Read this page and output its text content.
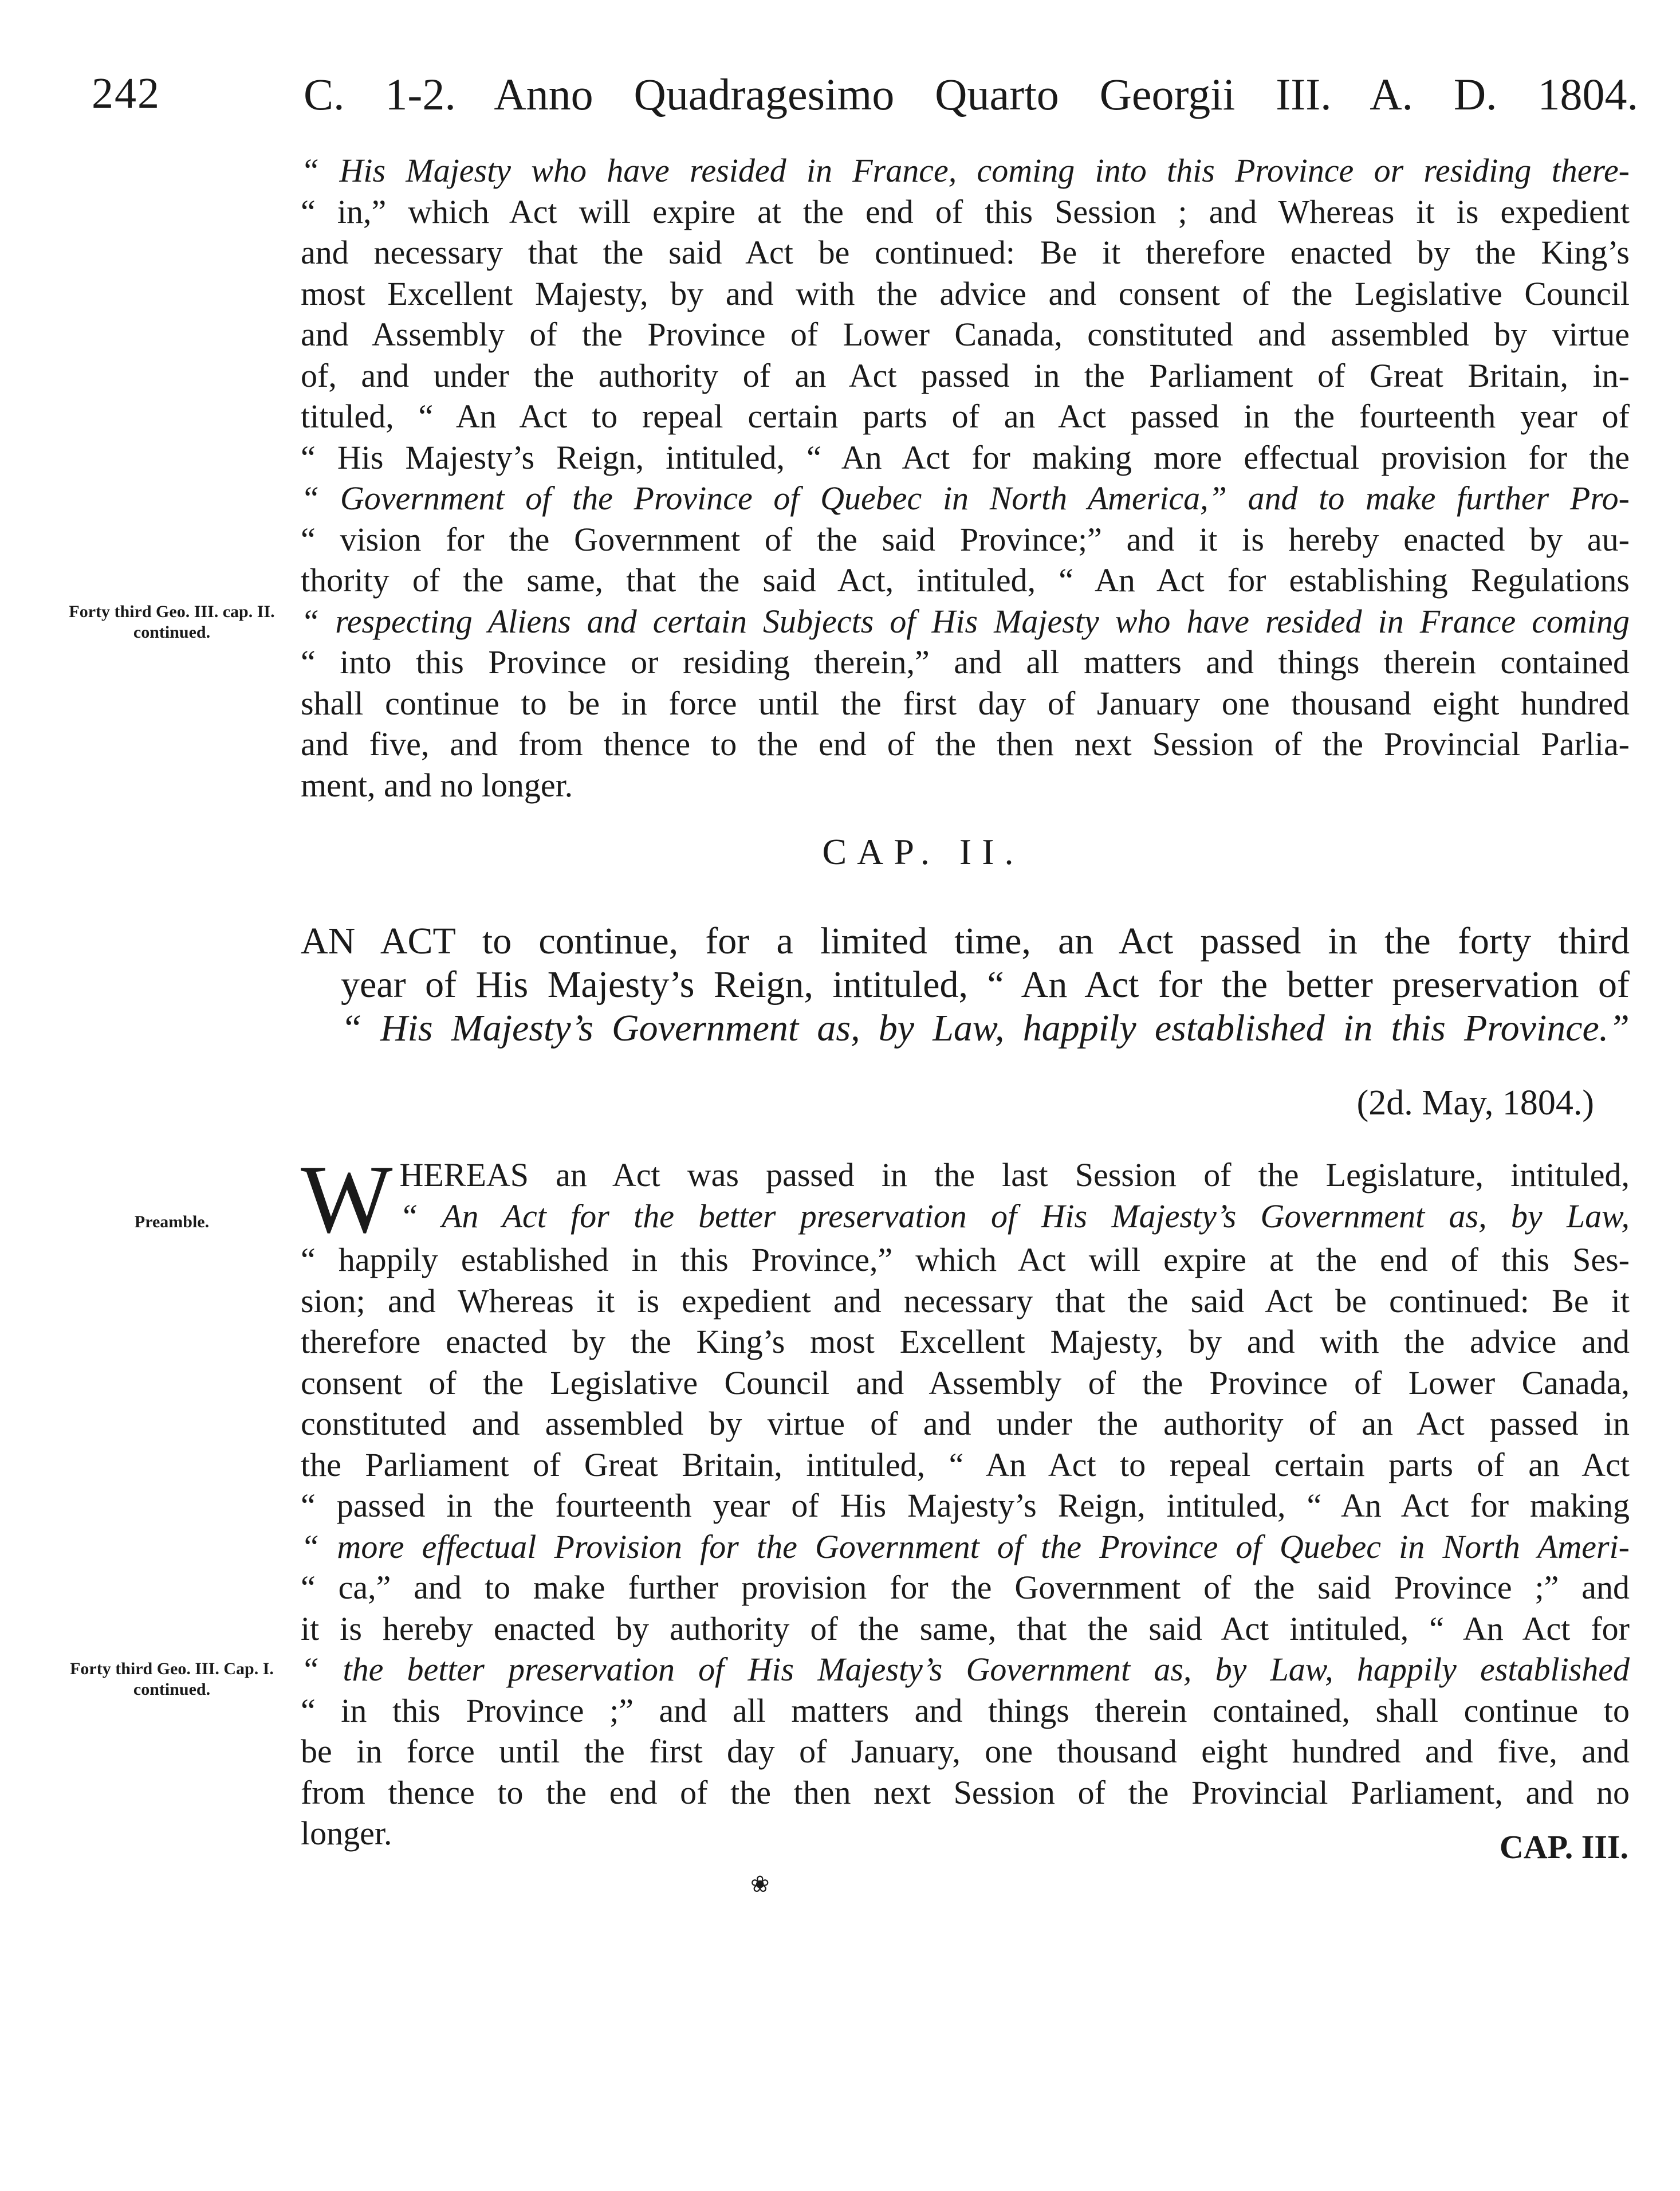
242	C. 1-2. Anno Quadragesimo Quarto Georgii III. A. D. 1804.
“ His Majesty who have resided in France, coming into this Province or residing there-
“ in,” which Act will expire at the end of this Session ; and Whereas it is expedient
and necessary that the said Act be continued: Be it therefore enacted by the King’s
most Excellent Majesty, by and with the advice and consent of the Legislative Council
and Assembly of the Province of Lower Canada, constituted and assembled by virtue
of, and under the authority of an Act passed in the Parliament of Great Britain, in-
tituled, “ An Act to repeal certain parts of an Act passed in the fourteenth year of
“ His Majesty’s Reign, intituled, “ An Act for making more effectual provision for the
“ Government of the Province of Quebec in North America,” and to make further Pro-
“ vision for the Government of the said Province;” and it is hereby enacted by au-
thority of the same, that the said Act, intituled, “ An Act for establishing Regulations
“ respecting Aliens and certain Subjects of His Majesty who have resided in France coming
“ into this Province or residing therein,” and all matters and things therein contained
shall continue to be in force until the first day of January one thousand eight hundred
and five, and from thence to the end of the then next Session of the Provincial Parlia-
ment, and no longer.
Forty third Geo. III. cap. II. continued.
CAP. II.
AN ACT to continue, for a limited time, an Act passed in the forty third
year of His Majesty’s Reign, intituled, “ An Act for the better preservation of
“ His Majesty’s Government as, by Law, happily established in this Province.”
(2d. May, 1804.)
Preamble. W HEREAS an Act was passed in the last Session of the Legislature, intituled,
“ An Act for the better preservation of His Majesty’s Government as, by Law,
“ happily established in this Province,” which Act will expire at the end of this Ses-
sion; and Whereas it is expedient and necessary that the said Act be continued: Be it
therefore enacted by the King’s most Excellent Majesty, by and with the advice and
consent of the Legislative Council and Assembly of the Province of Lower Canada,
constituted and assembled by virtue of and under the authority of an Act passed in
the Parliament of Great Britain, intituled, “ An Act to repeal certain parts of an Act
“ passed in the fourteenth year of His Majesty’s Reign, intituled, “ An Act for making
“ more effectual Provision for the Government of the Province of Quebec in North Ameri-
“ ca,” and to make further provision for the Government of the said Province ;” and
it is hereby enacted by authority of the same, that the said Act intituled, “ An Act for
“ the better preservation of His Majesty’s Government as, by Law, happily established
“ in this Province ;” and all matters and things therein contained, shall continue to
be in force until the first day of January, one thousand eight hundred and five, and
from thence to the end of the then next Session of the Provincial Parliament, and no
longer.
Forty third Geo. III. Cap. I. continued.
CAP. III.
❀
